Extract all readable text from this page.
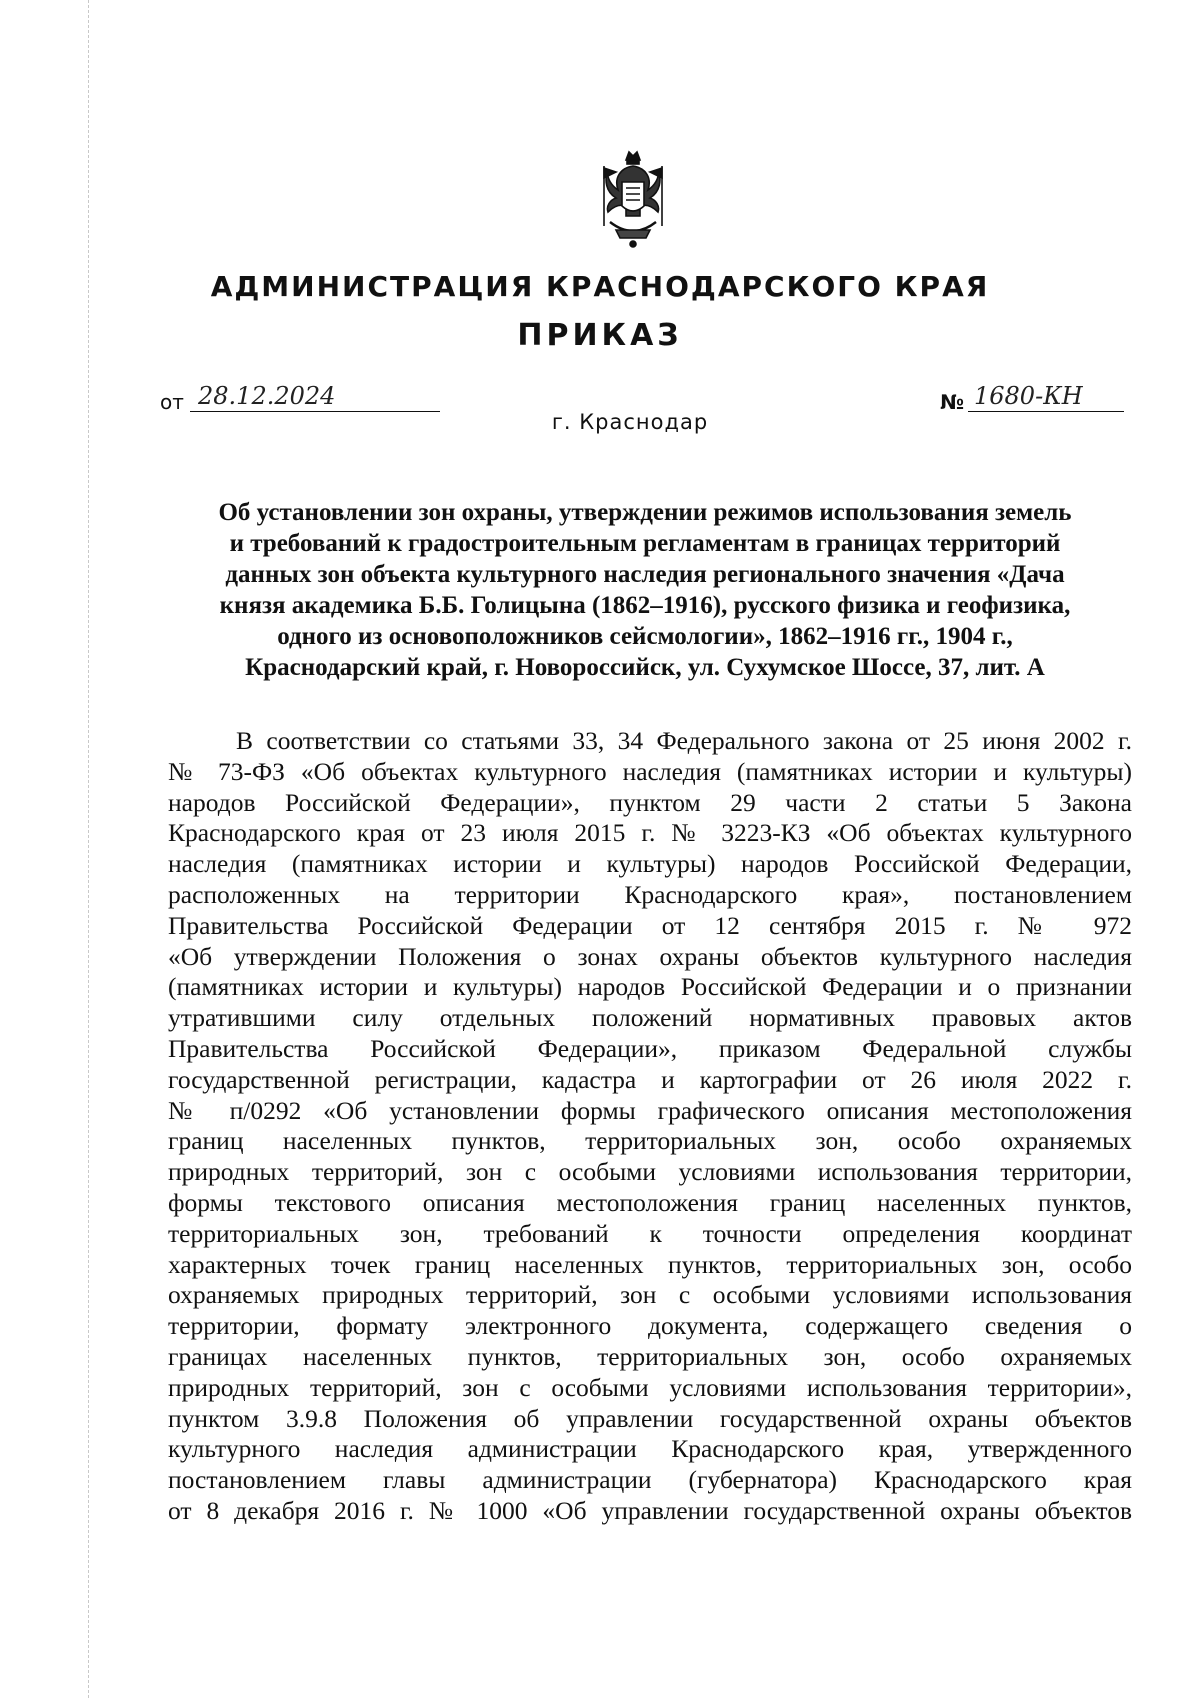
АДМИНИСТРАЦИЯ КРАСНОДАРСКОГО КРАЯ
ПРИКАЗ
от 28.12.2024	№ 1680-КН
г. Краснодар
Об установлении зон охраны, утверждении режимов использования земель
и требований к градостроительным регламентам в границах территорий
данных зон объекта культурного наследия регионального значения «Дача
князя академика Б.Б. Голицына (1862–1916), русского физика и геофизика,
одного из основоположников сейсмологии», 1862–1916 гг., 1904 г.,
Краснодарский край, г. Новороссийск, ул. Сухумское Шоссе, 37, лит. А
В соответствии со статьями 33, 34 Федерального закона от 25 июня 2002 г.
№ 73-ФЗ «Об объектах культурного наследия (памятниках истории и культуры)
народов Российской Федерации», пунктом 29 части 2 статьи 5 Закона
Краснодарского края от 23 июля 2015 г. № 3223-КЗ «Об объектах культурного
наследия (памятниках истории и культуры) народов Российской Федерации,
расположенных на территории Краснодарского края», постановлением
Правительства Российской Федерации от 12 сентября 2015 г. № 972
«Об утверждении Положения о зонах охраны объектов культурного наследия
(памятниках истории и культуры) народов Российской Федерации и о признании
утратившими силу отдельных положений нормативных правовых актов
Правительства Российской Федерации», приказом Федеральной службы
государственной регистрации, кадастра и картографии от 26 июля 2022 г.
№ п/0292 «Об установлении формы графического описания местоположения
границ населенных пунктов, территориальных зон, особо охраняемых
природных территорий, зон с особыми условиями использования территории,
формы текстового описания местоположения границ населенных пунктов,
территориальных зон, требований к точности определения координат
характерных точек границ населенных пунктов, территориальных зон, особо
охраняемых природных территорий, зон с особыми условиями использования
территории, формату электронного документа, содержащего сведения о
границах населенных пунктов, территориальных зон, особо охраняемых
природных территорий, зон с особыми условиями использования территории»,
пунктом 3.9.8 Положения об управлении государственной охраны объектов
культурного наследия администрации Краснодарского края, утвержденного
постановлением главы администрации (губернатора) Краснодарского края
от 8 декабря 2016 г. № 1000 «Об управлении государственной охраны объектов
